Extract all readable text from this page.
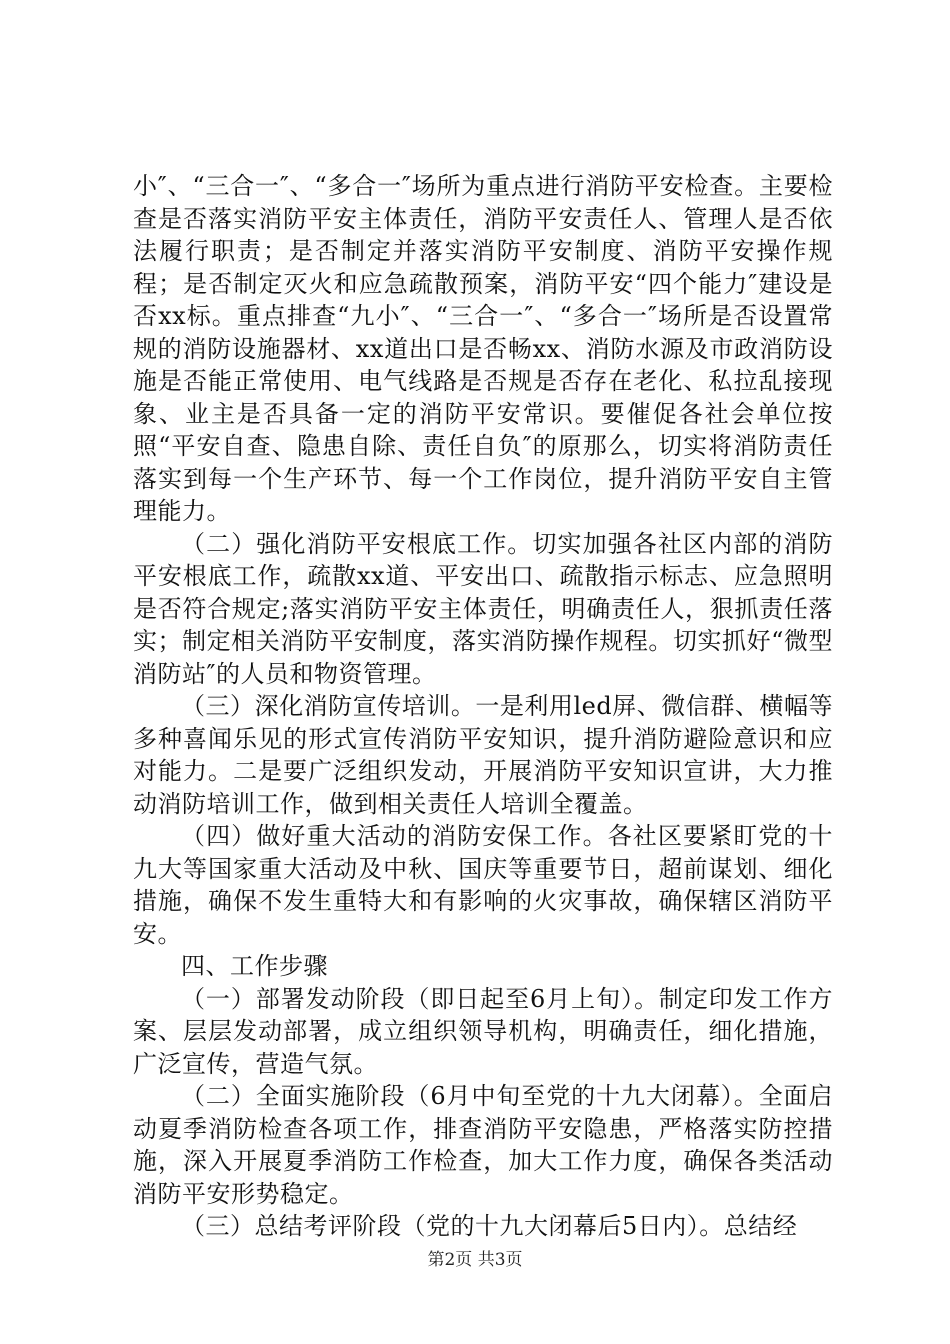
小″、“三合一″、“多合一″场所为重点进行消防平安检查。主要检查是否落实消防平安主体责任，消防平安责任人、管理人是否依法履行职责；是否制定并落实消防平安制度、消防平安操作规程；是否制定灭火和应急疏散预案，消防平安“四个能力″建设是否xx标。重点排查“九小″、“三合一″、“多合一″场所是否设置常规的消防设施器材、xx道出口是否畅xx、消防水源及市政消防设施是否能正常使用、电气线路是否规是否存在老化、私拉乱接现象、业主是否具备一定的消防平安常识。要催促各社会单位按照“平安自查、隐患自除、责任自负″的原那么，切实将消防责任落实到每一个生产环节、每一个工作岗位，提升消防平安自主管理能力。

（二）强化消防平安根底工作。切实加强各社区内部的消防平安根底工作，疏散xx道、平安出口、疏散指示标志、应急照明是否符合规定;落实消防平安主体责任，明确责任人，狠抓责任落实；制定相关消防平安制度，落实消防操作规程。切实抓好“微型消防站″的人员和物资管理。

（三）深化消防宣传培训。一是利用led屏、微信群、横幅等多种喜闻乐见的形式宣传消防平安知识，提升消防避险意识和应对能力。二是要广泛组织发动，开展消防平安知识宣讲，大力推动消防培训工作，做到相关责任人培训全覆盖。

（四）做好重大活动的消防安保工作。各社区要紧盯党的十九大等国家重大活动及中秋、国庆等重要节日，超前谋划、细化措施，确保不发生重特大和有影响的火灾事故，确保辖区消防平安。

四、工作步骤

（一）部署发动阶段（即日起至6月上旬）。制定印发工作方案、层层发动部署，成立组织领导机构，明确责任，细化措施，广泛宣传，营造气氛。

（二）全面实施阶段（6月中旬至党的十九大闭幕）。全面启动夏季消防检查各项工作，排查消防平安隐患，严格落实防控措施，深入开展夏季消防工作检查，加大工作力度，确保各类活动消防平安形势稳定。

（三）总结考评阶段（党的十九大闭幕后5日内）。总结经

第2页 共3页
